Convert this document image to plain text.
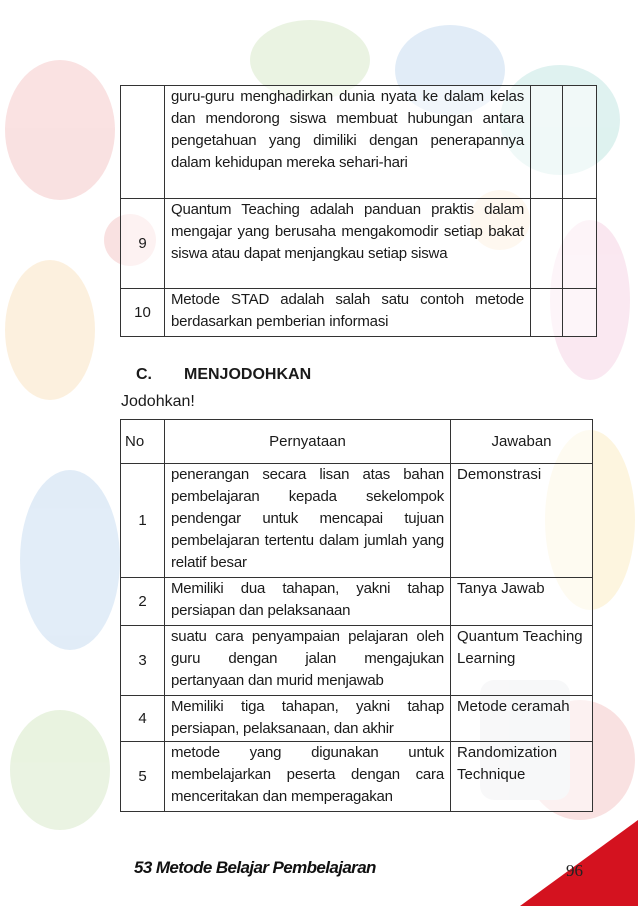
	guru-guru menghadirkan dunia nyata ke dalam kelas dan mendorong siswa membuat hubungan antara pengetahuan yang dimiliki dengan penerapannya dalam kehidupan mereka sehari-hari		
9	Quantum Teaching adalah panduan praktis dalam mengajar yang berusaha mengakomodir setiap bakat siswa atau dapat menjangkau setiap siswa		
10	Metode STAD adalah salah satu contoh metode berdasarkan pemberian informasi		
C. MENJODOHKAN
Jodohkan!
No	Pernyataan	Jawaban
1	penerangan secara lisan atas bahan pembelajaran kepada sekelompok pendengar untuk mencapai tujuan pembelajaran tertentu dalam jumlah yang relatif besar	Demonstrasi
2	Memiliki dua tahapan, yakni tahap persiapan dan pelaksanaan	Tanya Jawab
3	suatu cara penyampaian pelajaran oleh guru dengan jalan mengajukan pertanyaan dan murid menjawab	Quantum Teaching Learning
4	Memiliki tiga tahapan, yakni tahap persiapan, pelaksanaan, dan akhir	Metode ceramah
5	metode yang digunakan untuk membelajarkan peserta dengan cara menceritakan dan memperagakan	Randomization Technique
53 Metode Belajar Pembelajaran	96
